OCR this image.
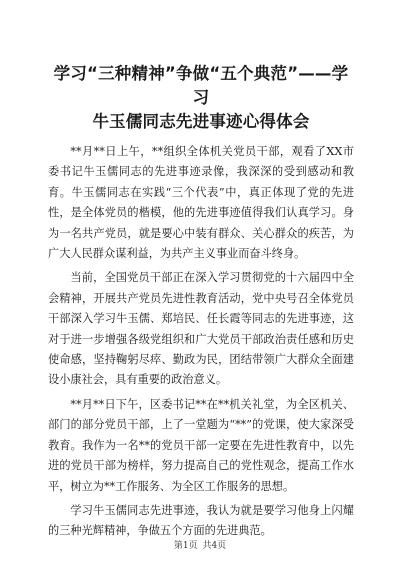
学习“三种精神”争做“五个典范”——学习
牛玉儒同志先进事迹心得体会

**月**日上午，**组织全体机关党员干部，观看了XX市委书记牛玉儒同志的先进事迹录像，我深深的受到感动和教育。牛玉儒同志在实践“三个代表”中，真正体现了党的先进性，是全体党员的楷模，他的先进事迹值得我们认真学习。身为一名共产党员，就是要心中装有群众、关心群众的疾苦，为广大人民群众谋利益，为共产主义事业而奋斗终身。

当前，全国党员干部正在深入学习贯彻党的十六届四中全会精神，开展共产党员先进性教育活动，党中央号召全体党员干部深入学习牛玉儒、郑培民、任长霞等同志的先进事迹，这对于进一步增强各级党组织和广大党员干部政治责任感和历史使命感，坚持鞠躬尽瘁、勤政为民，团结带领广大群众全面建设小康社会，具有重要的政治意义。

**月**日下午，区委书记**在**机关礼堂，为全区机关、部门的部分党员干部，上了一堂题为“**”的党课，使大家深受教育。我作为一名**的党员干部一定要在先进性教育中，以先进的党员干部为榜样，努力提高自己的党性观念，提高工作水平，树立为**工作服务、为全区工作服务的思想。

学习牛玉儒同志先进事迹，我认为就是要学习他身上闪耀的三种光辉精神，争做五个方面的先进典范。

第1页 共4页
